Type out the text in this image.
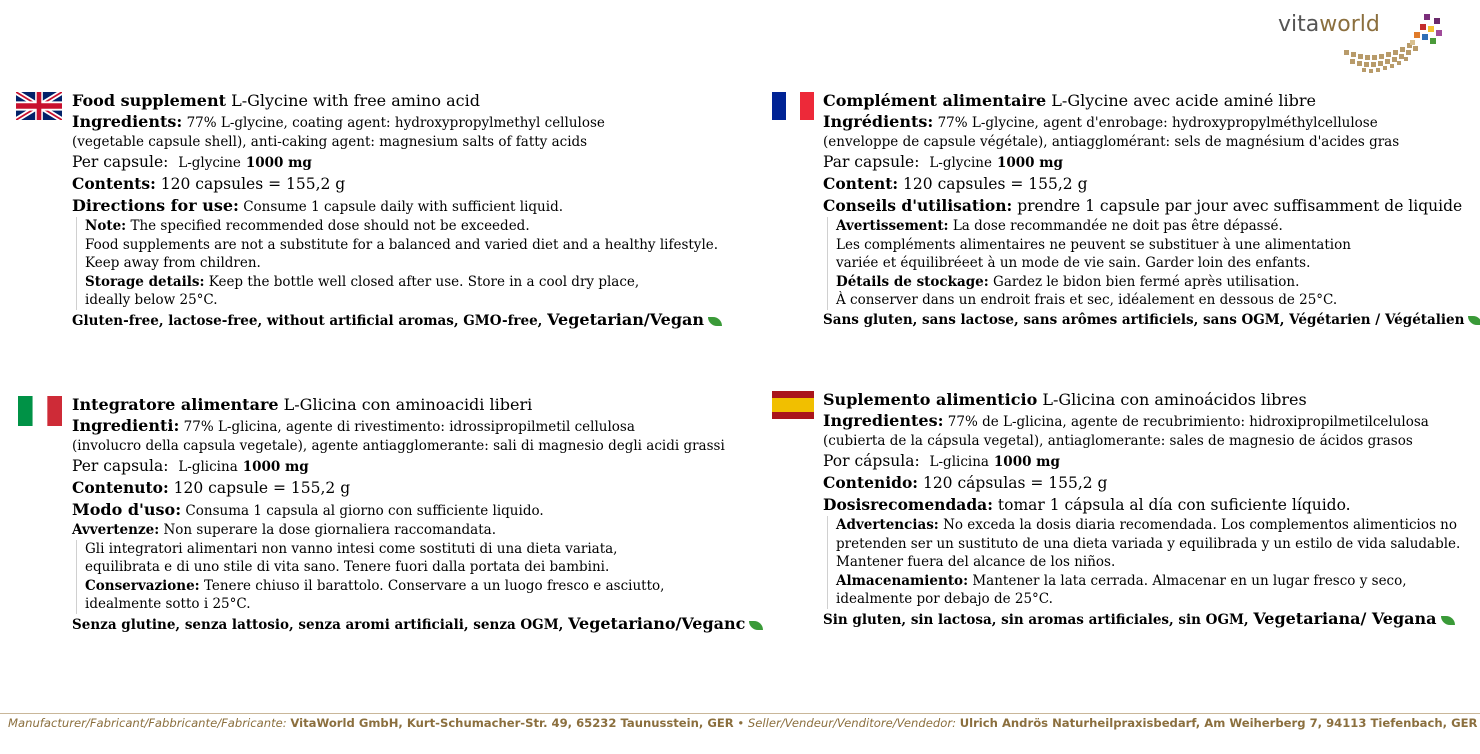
vitaworld
Food supplement L-Glycine with free amino acid
Ingredients: 77% L-glycine, coating agent: hydroxypropylmethyl cellulose
(vegetable capsule shell), anti-caking agent: magnesium salts of fatty acids
Per capsule: L-glycine 1000 mg
Contents: 120 capsules = 155,2 g
Directions for use: Consume 1 capsule daily with sufficient liquid.
Note: The specified recommended dose should not be exceeded.
Food supplements are not a substitute for a balanced and varied diet and a healthy lifestyle.
Keep away from children.
Storage details: Keep the bottle well closed after use. Store in a cool dry place,
ideally below 25°C.
Gluten-free, lactose-free, without artificial aromas, GMO-free, Vegetarian/Vegan
Complément alimentaire L-Glycine avec acide aminé libre
Ingrédients: 77% L-glycine, agent d'enrobage: hydroxypropylméthylcellulose
(enveloppe de capsule végétale), antiagglomérant: sels de magnésium d'acides gras
Par capsule: L-glycine 1000 mg
Content: 120 capsules = 155,2 g
Conseils d'utilisation: prendre 1 capsule par jour avec suffisamment de liquide
Avertissement: La dose recommandée ne doit pas être dépassé.
Les compléments alimentaires ne peuvent se substituer à une alimentation
variée et équilibréeet à un mode de vie sain. Garder loin des enfants.
Détails de stockage: Gardez le bidon bien fermé après utilisation.
À conserver dans un endroit frais et sec, idéalement en dessous de 25°C.
Sans gluten, sans lactose, sans arômes artificiels, sans OGM, Végétarien / Végétalien
Integratore alimentare L-Glicina con aminoacidi liberi
Ingredienti: 77% L-glicina, agente di rivestimento: idrossipropilmetil cellulosa
(involucro della capsula vegetale), agente antiagglomerante: sali di magnesio degli acidi grassi
Per capsula: L-glicina 1000 mg
Contenuto: 120 capsule = 155,2 g
Modo d'uso: Consuma 1 capsula al giorno con sufficiente liquido.
Avvertenze: Non superare la dose giornaliera raccomandata.
Gli integratori alimentari non vanno intesi come sostituti di una dieta variata,
equilibrata e di uno stile di vita sano. Tenere fuori dalla portata dei bambini.
Conservazione: Tenere chiuso il barattolo. Conservare a un luogo fresco e asciutto,
idealmente sotto i 25°C.
Senza glutine, senza lattosio, senza aromi artificiali, senza OGM, Vegetariano/Veganc
Suplemento alimenticio L-Glicina con aminoácidos libres
Ingredientes: 77% de L-glicina, agente de recubrimiento: hidroxipropilmetilcelulosa
(cubierta de la cápsula vegetal), antiaglomerante: sales de magnesio de ácidos grasos
Por cápsula: L-glicina 1000 mg
Contenido: 120 cápsulas = 155,2 g
Dosisrecomendada: tomar 1 cápsula al día con suficiente líquido.
Advertencias: No exceda la dosis diaria recomendada. Los complementos alimenticios no
pretenden ser un sustituto de una dieta variada y equilibrada y un estilo de vida saludable.
Mantener fuera del alcance de los niños.
Almacenamiento: Mantener la lata cerrada. Almacenar en un lugar fresco y seco,
idealmente por debajo de 25°C.
Sin gluten, sin lactosa, sin aromas artificiales, sin OGM, Vegetariana/ Vegana
Manufacturer/Fabricant/Fabbricante/Fabricante: VitaWorld GmbH, Kurt-Schumacher-Str. 49, 65232 Taunusstein, GER • Seller/Vendeur/Venditore/Vendedor: Ulrich Andrös Naturheilpraxisbedarf, Am Weiherberg 7, 94113 Tiefenbach, GER
